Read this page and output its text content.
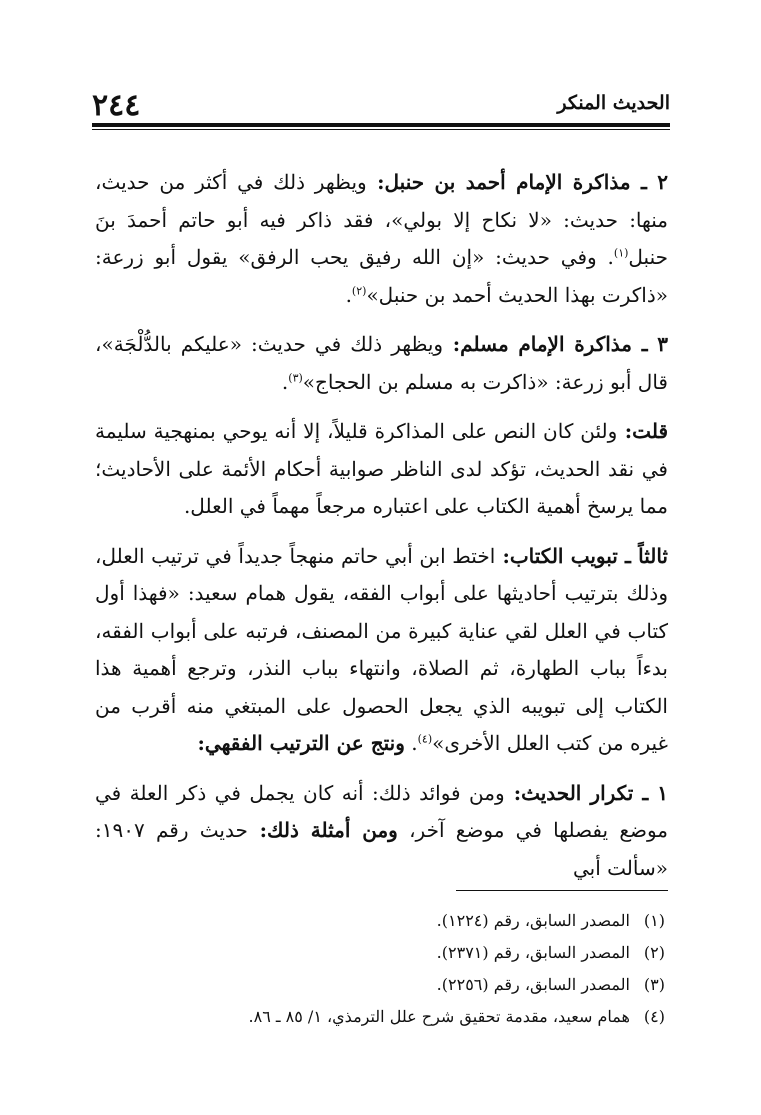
٢٤٤	الحديث المنكر

٢ ـ مذاكرة الإمام أحمد بن حنبل: ويظهر ذلك في أكثر من حديث، منها: حديث: «لا نكاح إلا بولي»، فقد ذاكر فيه أبو حاتم أحمدَ بنَ حنبل$^{(١)}$. وفي حديث: «إن الله رفيق يحب الرفق» يقول أبو زرعة: «ذاكرت بهذا الحديث أحمد بن حنبل»$^{(٢)}$.

٣ ـ مذاكرة الإمام مسلم: ويظهر ذلك في حديث: «عليكم بالدُّلْجَة»، قال أبو زرعة: «ذاكرت به مسلم بن الحجاج»$^{(٣)}$.

قلت: ولئن كان النص على المذاكرة قليلاً، إلا أنه يوحي بمنهجية سليمة في نقد الحديث، تؤكد لدى الناظر صوابية أحكام الأئمة على الأحاديث؛ مما يرسخ أهمية الكتاب على اعتباره مرجعاً مهماً في العلل.

ثالثاً ـ تبويب الكتاب: اختط ابن أبي حاتم منهجاً جديداً في ترتيب العلل، وذلك بترتيب أحاديثها على أبواب الفقه، يقول همام سعيد: «فهذا أول كتاب في العلل لقي عناية كبيرة من المصنف، فرتبه على أبواب الفقه، بدءاً بباب الطهارة، ثم الصلاة، وانتهاء بباب النذر، وترجع أهمية هذا الكتاب إلى تبويبه الذي يجعل الحصول على المبتغي منه أقرب من غيره من كتب العلل الأخرى»$^{(٤)}$. ونتج عن الترتيب الفقهي:

١ ـ تكرار الحديث: ومن فوائد ذلك: أنه كان يجمل في ذكر العلة في موضع يفصلها في موضع آخر، ومن أمثلة ذلك: حديث رقم ١٩٠٧: «سألت أبي

(١)
المصدر السابق، رقم (١٢٢٤).
(٢)
المصدر السابق، رقم (٢٣٧١).
(٣)
المصدر السابق، رقم (٢٢٥٦).
(٤)
همام سعيد، مقدمة تحقيق شرح علل الترمذي، ١/ ٨٥ ـ ٨٦.
